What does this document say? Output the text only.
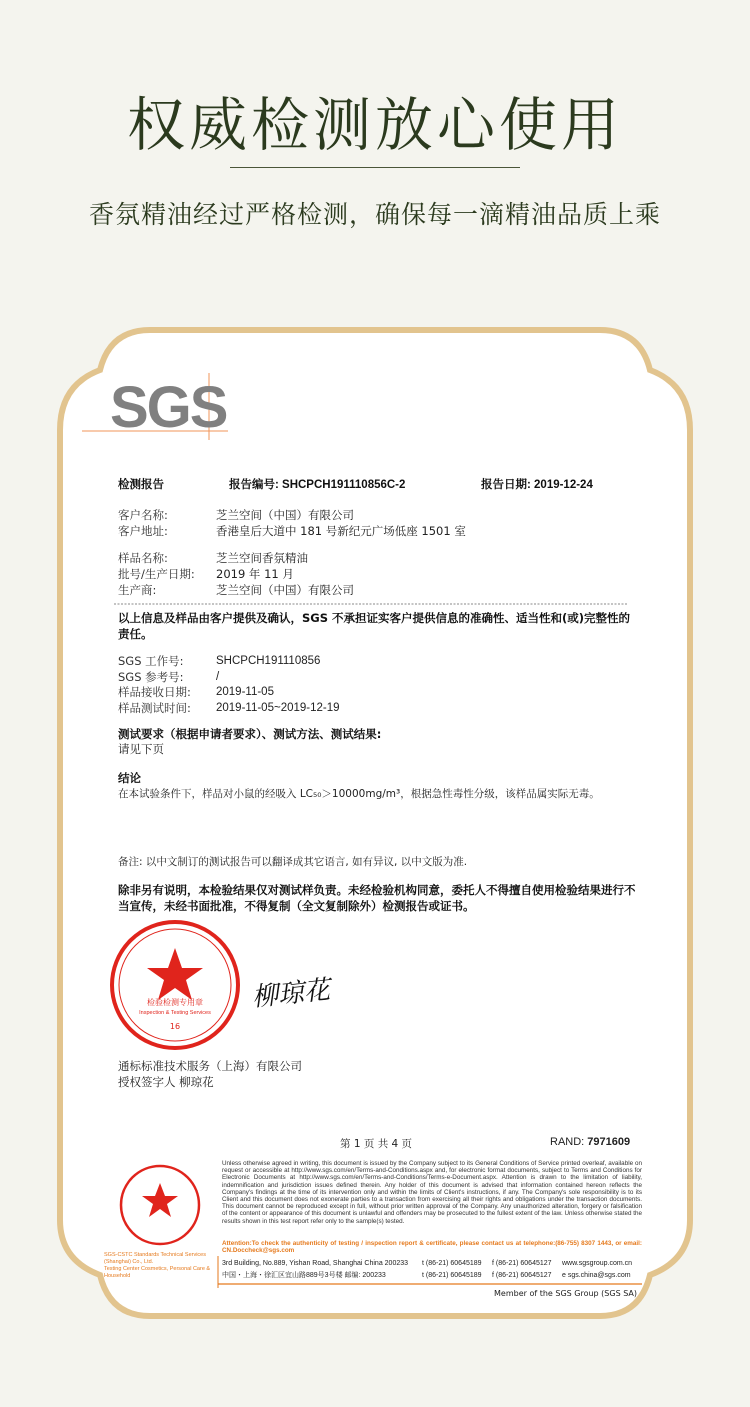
权威检测放心使用
香氛精油经过严格检测，确保每一滴精油品质上乘
SGS
检测报告	报告编号: SHCPCH191110856C-2	报告日期: 2019-12-24
客户名称:	芝兰空间（中国）有限公司
客户地址:	香港皇后大道中 181 号新纪元广场低座 1501 室
样品名称:	芝兰空间香氛精油
批号/生产日期:	2019 年 11 月
生产商:	芝兰空间（中国）有限公司
以上信息及样品由客户提供及确认，SGS 不承担证实客户提供信息的准确性、适当性和(或)完整性的责任。
SGS 工作号:	SHCPCH191110856
SGS 参考号:	/
样品接收日期:	2019-11-05
样品测试时间:	2019-11-05~2019-12-19
测试要求（根据申请者要求）、测试方法、测试结果:
请见下页
结论
在本试验条件下，样品对小鼠的经吸入 LC₅₀＞10000mg/m³，根据急性毒性分级，该样品属实际无毒。
备注: 以中文制订的测试报告可以翻译成其它语言, 如有异议, 以中文版为准.
除非另有说明，本检验结果仅对测试样负责。未经检验机构同意，委托人不得擅自使用检验结果进行不当宣传，未经书面批准，不得复制（全文复制除外）检测报告或证书。
检验检测专用章
Inspection & Testing Services
16
柳琼花
通标标准技术服务（上海）有限公司
授权签字人 柳琼花
第 1 页 共 4 页	RAND: 7971609
SGS-CSTC Standards Technical Services (Shanghai) Co., Ltd.
Testing Center Cosmetics, Personal Care & Household
Unless otherwise agreed in writing, this document is issued by the Company subject to its General Conditions of Service printed overleaf, available on request or accessible at http://www.sgs.com/en/Terms-and-Conditions.aspx and, for electronic format documents, subject to Terms and Conditions for Electronic Documents at http://www.sgs.com/en/Terms-and-Conditions/Terms-e-Document.aspx. Attention is drawn to the limitation of liability, indemnification and jurisdiction issues defined therein. Any holder of this document is advised that information contained hereon reflects the Company's findings at the time of its intervention only and within the limits of Client's instructions, if any. The Company's sole responsibility is to its Client and this document does not exonerate parties to a transaction from exercising all their rights and obligations under the transaction documents. This document cannot be reproduced except in full, without prior written approval of the Company. Any unauthorized alteration, forgery or falsification of the content or appearance of this document is unlawful and offenders may be prosecuted to the fullest extent of the law. Unless otherwise stated the results shown in this test report refer only to the sample(s) tested.
Attention:To check the authenticity of testing / inspection report & certificate, please contact us at telephone:(86-755) 8307 1443, or email: CN.Doccheck@sgs.com
3rd Building, No.889, Yishan Road, Shanghai China 200233	t (86-21) 60645189	f (86-21) 60645127	www.sgsgroup.com.cn
中国・上海・徐汇区宜山路889号3号楼 邮编: 200233	t (86-21) 60645189	f (86-21) 60645127	e sgs.china@sgs.com
Member of the SGS Group (SGS SA)
